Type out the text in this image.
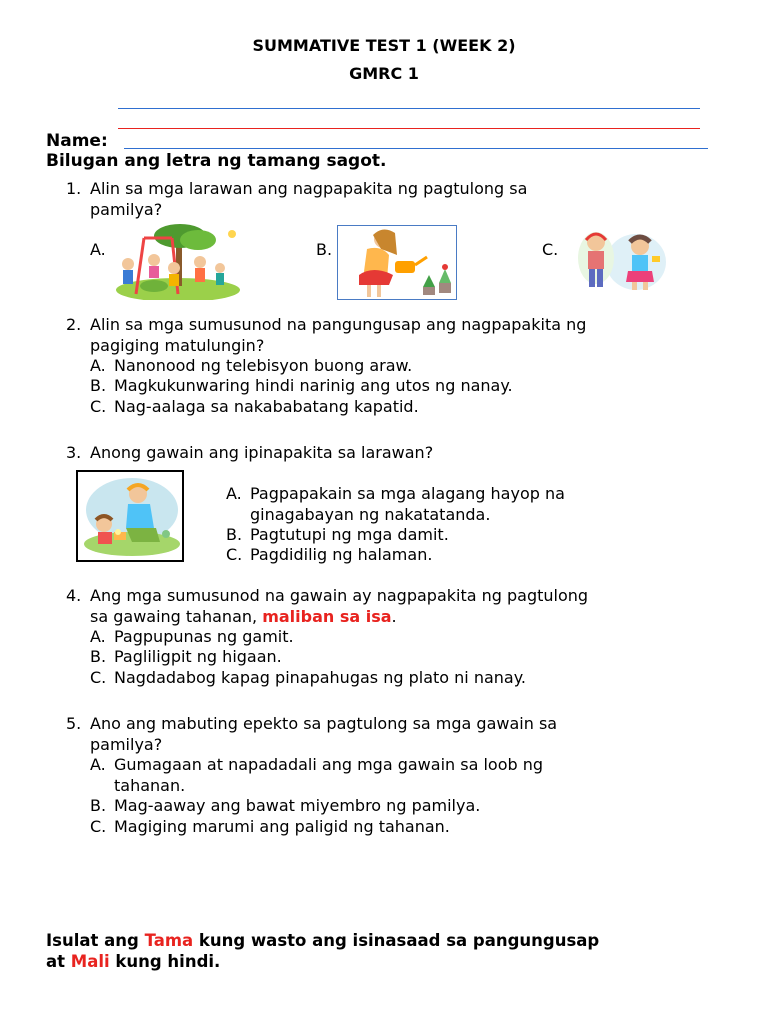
SUMMATIVE TEST 1 (WEEK 2)
GMRC 1
Name:
Bilugan ang letra ng tamang sagot.
1. Alin sa mga larawan ang nagpapakita ng pagtulong sa
pamilya?
A.	B.	C.
2. Alin sa mga sumusunod na pangungusap ang nagpapakita ng
pagiging matulungin?
A. Nanonood ng telebisyon buong araw.
B. Magkukunwaring hindi narinig ang utos ng nanay.
C. Nag-aalaga sa nakababatang kapatid.
3. Anong gawain ang ipinapakita sa larawan?
A. Pagpapakain sa mga alagang hayop na
ginagabayan ng nakatatanda.
B. Pagtutupi ng mga damit.
C. Pagdidilig ng halaman.
4. Ang mga sumusunod na gawain ay nagpapakita ng pagtulong
sa gawaing tahanan, maliban sa isa.
A. Pagpupunas ng gamit.
B. Pagliligpit ng higaan.
C. Nagdadabog kapag pinapahugas ng plato ni nanay.
5. Ano ang mabuting epekto sa pagtulong sa mga gawain sa
pamilya?
A. Gumagaan at napadadali ang mga gawain sa loob ng
tahanan.
B. Mag-aaway ang bawat miyembro ng pamilya.
C. Magiging marumi ang paligid ng tahanan.
Isulat ang Tama kung wasto ang isinasaad sa pangungusap
at Mali kung hindi.
